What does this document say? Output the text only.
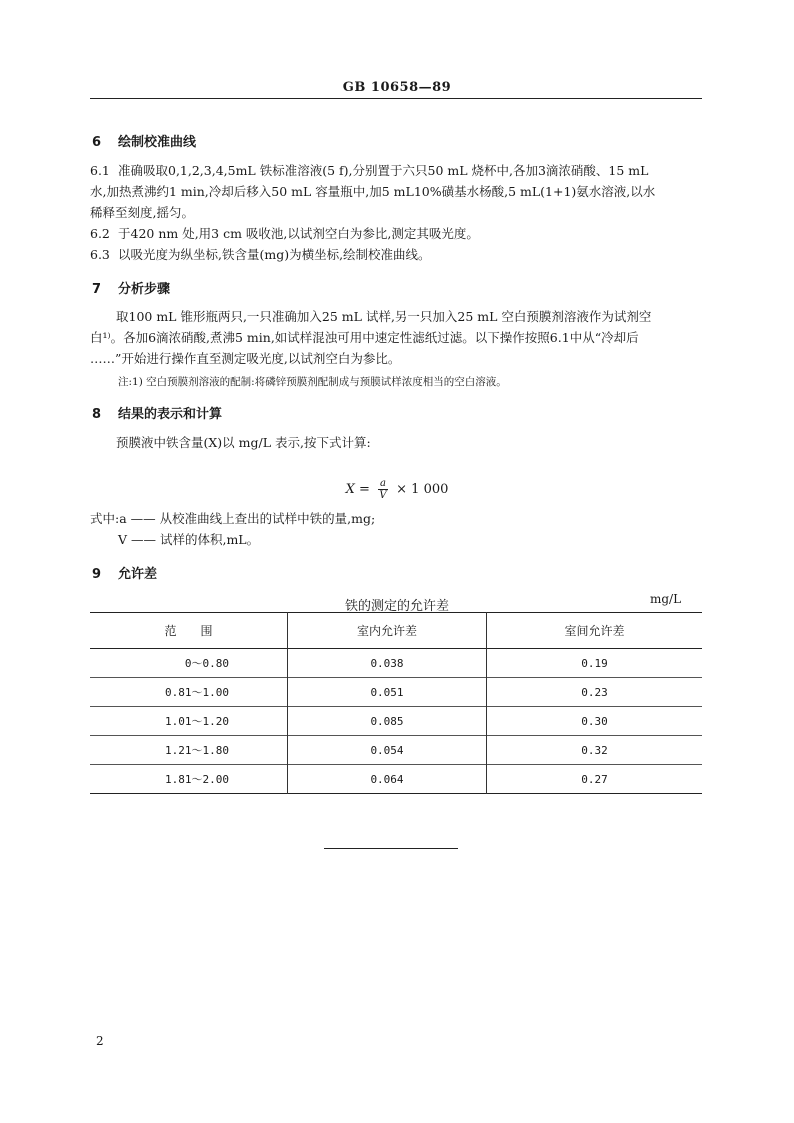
GB 10658—89
6 绘制校准曲线
6.1 准确吸取0,1,2,3,4,5mL 铁标准溶液(5 f),分别置于六只50 mL 烧杯中,各加3滴浓硝酸、15 mL
水,加热煮沸约1 min,冷却后移入50 mL 容量瓶中,加5 mL10%磺基水杨酸,5 mL(1+1)氨水溶液,以水
稀释至刻度,摇匀。
6.2 于420 nm 处,用3 cm 吸收池,以试剂空白为参比,测定其吸光度。
6.3 以吸光度为纵坐标,铁含量(mg)为横坐标,绘制校准曲线。
7 分析步骤
取100 mL 锥形瓶两只,一只准确加入25 mL 试样,另一只加入25 mL 空白预膜剂溶液作为试剂空
白¹⁾。各加6滴浓硝酸,煮沸5 min,如试样混浊可用中速定性滤纸过滤。以下操作按照6.1中从“冷却后
……”开始进行操作直至测定吸光度,以试剂空白为参比。
注:1) 空白预膜剂溶液的配制:将磷锌预膜剂配制成与预膜试样浓度相当的空白溶液。
8 结果的表示和计算
预膜液中铁含量(X)以 mg/L 表示,按下式计算:
$X = \frac{a}{V} \times 1$ 000
式中:a —— 从校准曲线上查出的试样中铁的量,mg;
V —— 试样的体积,mL。
9 允许差
铁的测定的允许差	mg/L
范　　围	室内允许差	室间允许差
0～0.80	0.038	0.19
0.81～1.00	0.051	0.23
1.01～1.20	0.085	0.30
1.21～1.80	0.054	0.32
1.81～2.00	0.064	0.27
2
